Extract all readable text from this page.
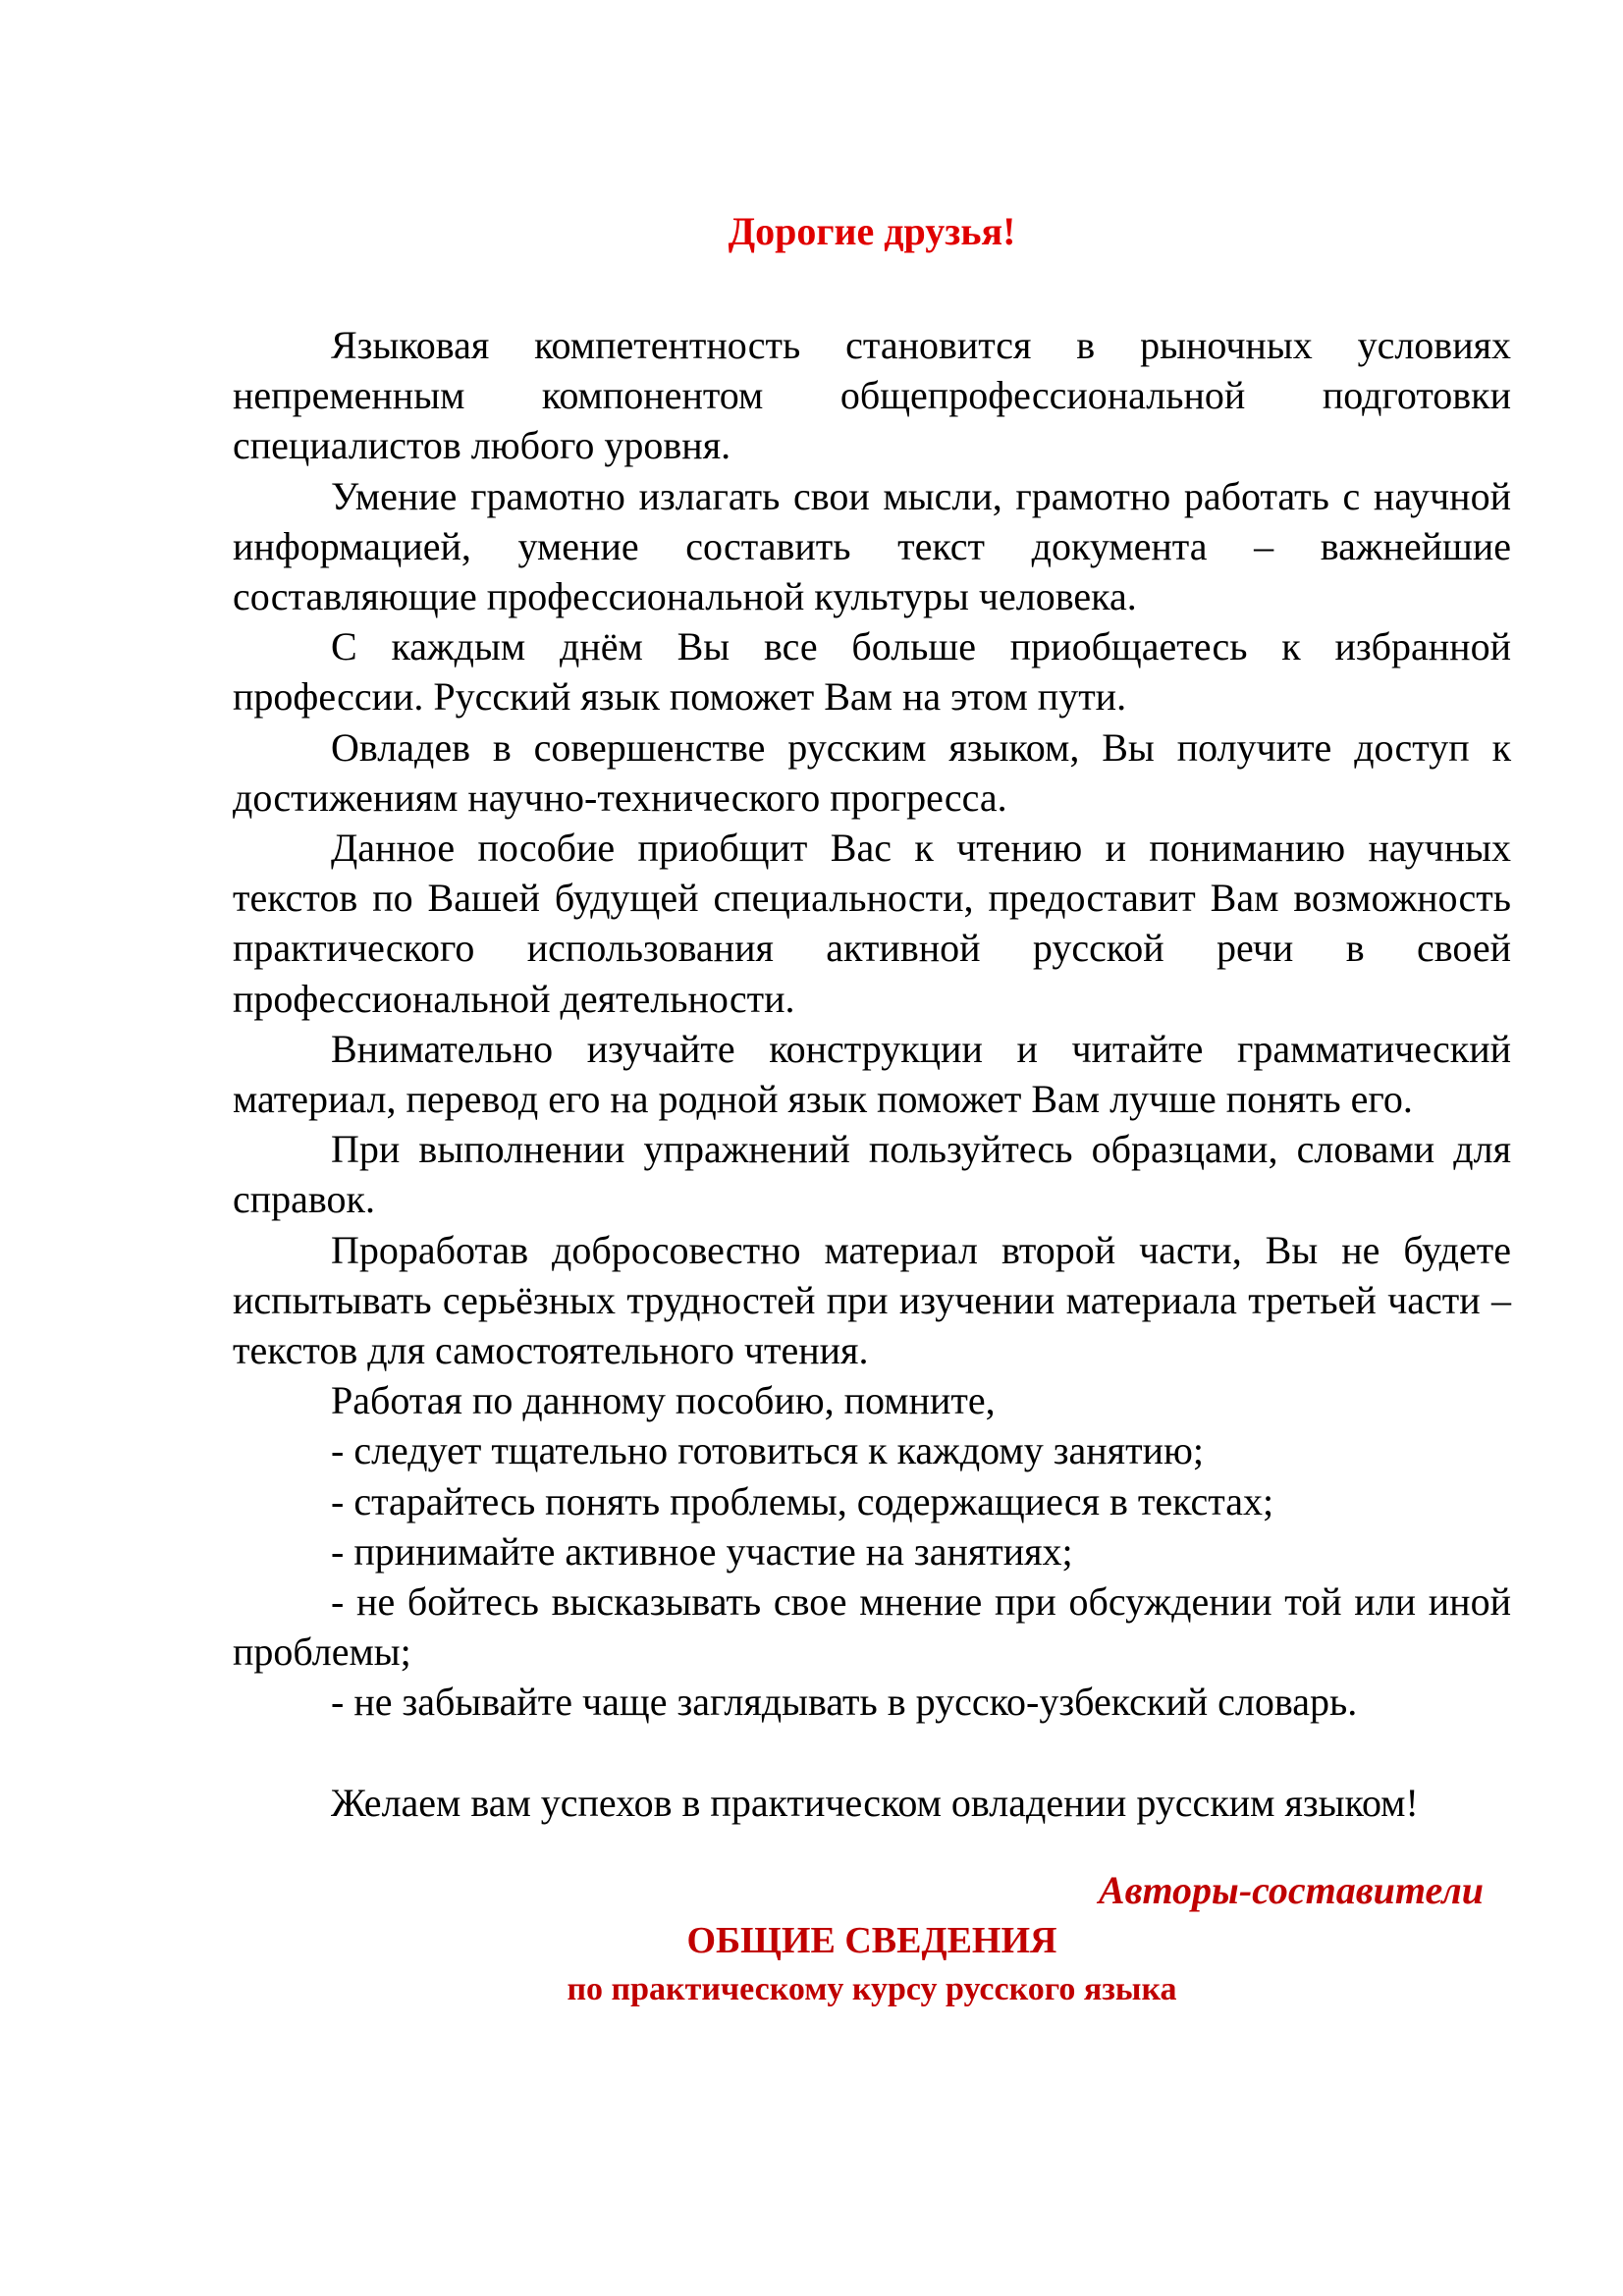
Дорогие друзья!

Языковая компетентность становится в рыночных условиях непременным компонентом общепрофессиональной подготовки специалистов любого уровня.

Умение грамотно излагать свои мысли, грамотно работать с научной информацией, умение составить текст документа – важнейшие составляющие профессиональной культуры человека.

С каждым днём Вы все больше приобщаетесь к избранной профессии. Русский язык поможет Вам на этом пути.

Овладев в совершенстве русским языком, Вы получите доступ к достижениям научно-технического прогресса.

Данное пособие приобщит Вас к чтению и пониманию научных текстов по Вашей будущей специальности, предоставит Вам возможность практического использования активной русской речи в своей профессиональной деятельности.

Внимательно изучайте конструкции и читайте грамматический материал, перевод его на родной язык поможет Вам лучше понять его.

При выполнении упражнений пользуйтесь образцами, словами для справок.

Проработав добросовестно материал второй части, Вы не будете испытывать серьёзных трудностей при изучении материала третьей части – текстов для самостоятельного чтения.

Работая по данному пособию, помните,

- следует тщательно готовиться к каждому занятию;

- старайтесь понять проблемы, содержащиеся в текстах;

- принимайте активное участие на занятиях;

- не бойтесь высказывать свое мнение при обсуждении той или иной проблемы;

- не забывайте чаще заглядывать в русско-узбекский словарь.

Желаем вам успехов в практическом овладении русским языком!

Авторы-составители
ОБЩИЕ СВЕДЕНИЯ
по практическому курсу русского языка
